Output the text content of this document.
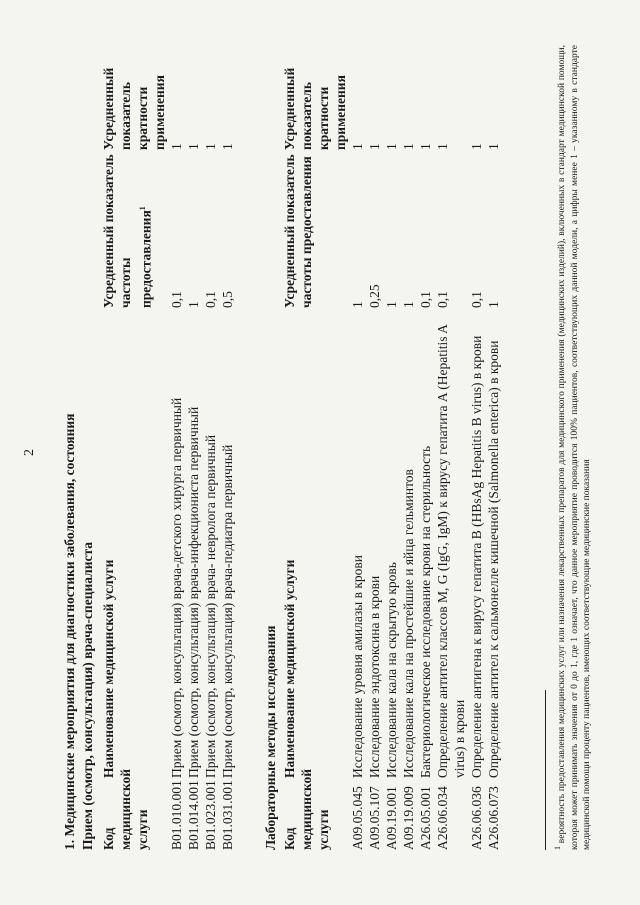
2 1. Медицинские мероприятия для диагностики заболевания, состояния Прием (осмотр, консультация) врача-специалиста Код медицинской услуги	Наименование медицинской услуги	Усредненный показатель частоты предоставления$^1$	Усредненный показатель кратности применения
B01.010.001	Прием (осмотр, консультация) врача-детского хирурга первичный	0,1	1
B01.014.001	Прием (осмотр, консультация) врача-инфекциониста первичный	1	1
B01.023.001	Прием (осмотр, консультация) врача- невролога первичный	0,1	1
B01.031.001	Прием (осмотр, консультация) врача-педиатра первичный	0,5	1
Лабораторные методы исследования Код медицинской услуги	Наименование медицинской услуги	Усредненный показатель частоты предоставления	Усредненный показатель кратности применения
A09.05.045	Исследование уровня амилазы в крови	1	1
A09.05.107	Исследование эндотоксина в крови	0,25	1
A09.19.001	Исследование кала на скрытую кровь	1	1
A09.19.009	Исследование кала на простейшие и яйца гельминтов	1	1
A26.05.001	Бактериологическое исследование крови на стерильность	0,1	1
A26.06.034	Определение антител классов M, G (IgG, IgM) к вирусу гепатита A (Hepatitis A virus) в крови	0,1	1
A26.06.036	Определение антигена к вирусу гепатита B (HBsAg Hepatitis B virus) в крови	0,1	1
A26.06.073	Определение антител к сальмонелле кишечной (Salmonella enterica) в крови	1	1
$^1$ вероятность предоставления медицинских услуг или назначения лекарственных препаратов для медицинского применения (медицинских изделий), включенных в стандарт медицинской помощи, которая может принимать значения от 0 до 1, где 1 означает, что данное мероприятие проводится 100% пациентов, соответствующих данной модели, а цифры менее 1 – указанному в стандарте медицинской помощи проценту пациентов, имеющих соответствующие медицинские показания
